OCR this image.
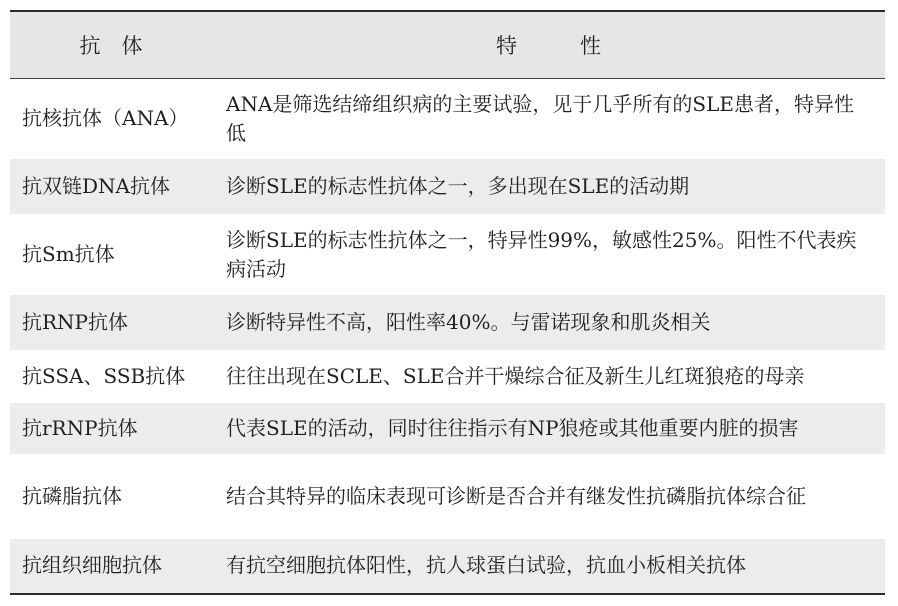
抗　体	特　　　性
抗核抗体（ANA）	ANA是筛选结缔组织病的主要试验，见于几乎所有的SLE患者，特异性低
抗双链DNA抗体	诊断SLE的标志性抗体之一，多出现在SLE的活动期
抗Sm抗体	诊断SLE的标志性抗体之一，特异性99%，敏感性25%。阳性不代表疾病活动
抗RNP抗体	诊断特异性不高，阳性率40%。与雷诺现象和肌炎相关
抗SSA、SSB抗体	往往出现在SCLE、SLE合并干燥综合征及新生儿红斑狼疮的母亲
抗rRNP抗体	代表SLE的活动，同时往往指示有NP狼疮或其他重要内脏的损害
抗磷脂抗体	结合其特异的临床表现可诊断是否合并有继发性抗磷脂抗体综合征
抗组织细胞抗体	有抗空细胞抗体阳性，抗人球蛋白试验，抗血小板相关抗体
